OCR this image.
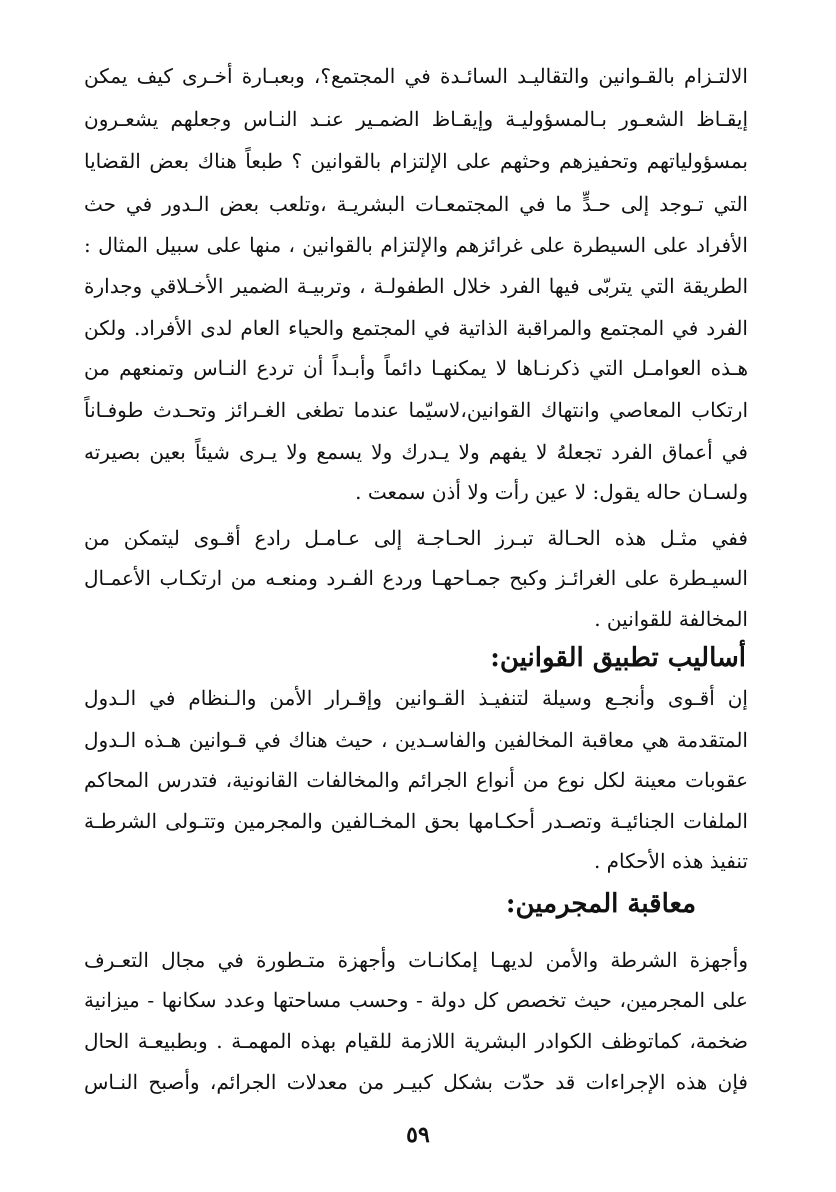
الالتـزام بالقـوانين والتقاليـد السائـدة في المجتمع؟، وبعبـارة أخـرى كيف يمكن
إيقـاظ الشعـور بـالمسؤوليـة وإيقـاظ الضمـير عنـد النـاس وجعلهم يشعـرون
بمسؤولياتهم وتحفيزهم وحثهم على الإلتزام بالقوانين ؟ طبعاً هناك بعض القضايا
التي تـوجد إلى حـدٍّ ما في المجتمعـات البشريـة ،وتلعب بعض الـدور في حث
الأفراد على السيطرة على غرائزهم والإلتزام بالقوانين ، منها على سبيل المثال :
الطريقة التي يتربّى فيها الفرد خلال الطفولـة ، وتربيـة الضمير الأخـلاقي وجدارة
الفرد في المجتمع والمراقبة الذاتية في المجتمع والحياء العام لدى الأفراد. ولكن
هـذه العوامـل التي ذكرنـاها لا يمكنهـا دائماً وأبـداً أن تردع النـاس وتمنعهم من
ارتكاب المعاصي وانتهاك القوانين،لاسيّما عندما تطغى الغـرائز وتحـدث طوفـاناً
في أعماق الفرد تجعلهُ لا يفهم ولا يـدرك ولا يسمع ولا يـرى شيئاً بعين بصيرته
ولسـان حاله يقول: لا عين رأت ولا أذن سمعت .
ففي مثـل هذه الحـالة تبـرز الحـاجـة إلى عـامـل رادع أقـوى ليتمكن من
السيـطرة على الغرائـز وكبح جمـاحهـا وردع الفـرد ومنعـه من ارتكـاب الأعمـال
المخالفة للقوانين .
أساليب تطبيق القوانين:
إن أقـوى وأنجـع وسيلة لتنفيـذ القـوانين وإقـرار الأمن والـنظام في الـدول
المتقدمة هي معاقبة المخالفين والفاسـدين ، حيث هناك في قـوانين هـذه الـدول
عقوبات معينة لكل نوع من أنواع الجرائم والمخالفات القانونية، فتدرس المحاكم
الملفات الجنائيـة وتصـدر أحكـامها بحق المخـالفين والمجرمين وتتـولى الشرطـة
تنفيذ هذه الأحكام .
معاقبة المجرمين:
وأجهزة الشرطة والأمن لديهـا إمكانـات وأجهزة متـطورة في مجال التعـرف
على المجرمين، حيث تخصص كل دولة - وحسب مساحتها وعدد سكانها - ميزانية
ضخمة، كماتوظف الكوادر البشرية اللازمة للقيام بهذه المهمـة . وبطبيعـة الحال
فإن هذه الإجراءات قد حدّت بشكل كبيـر من معدلات الجرائم، وأصبح النـاس
٥٩
